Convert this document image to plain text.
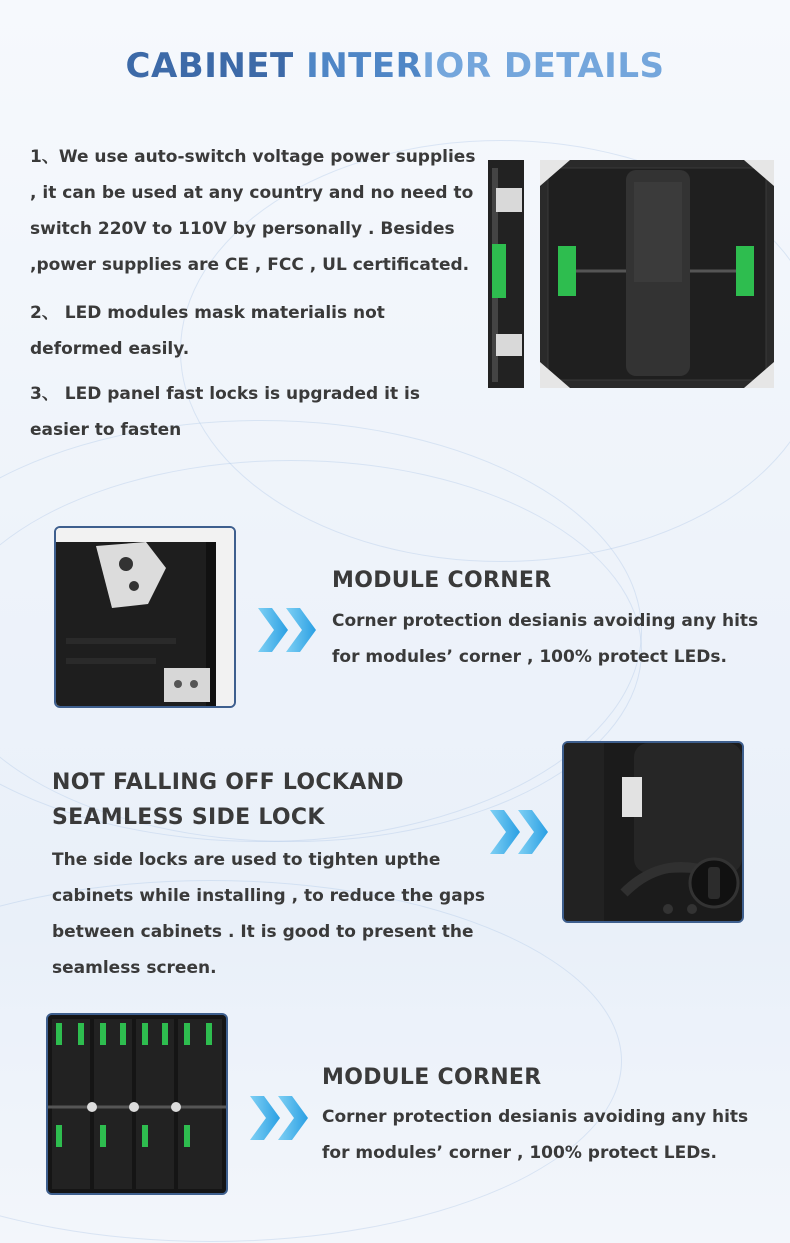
CABINET INTERIOR DETAILS

1、We use auto-switch voltage power supplies , it can be used at any country and no need to switch 220V to 110V by personally . Besides ,power supplies are CE , FCC , UL certificated.

2、 LED modules mask materialis not deformed easily.

3、 LED panel fast locks is upgraded it is easier to fasten

MODULE CORNER

Corner protection desianis avoiding any hits for modules’ corner , 100% protect LEDs.

NOT FALLING OFF LOCKAND SEAMLESS SIDE LOCK

The side locks are used to tighten upthe cabinets while installing , to reduce the gaps between cabinets . It is good to present the seamless screen.

MODULE CORNER

Corner protection desianis avoiding any hits for modules’ corner , 100% protect LEDs.
